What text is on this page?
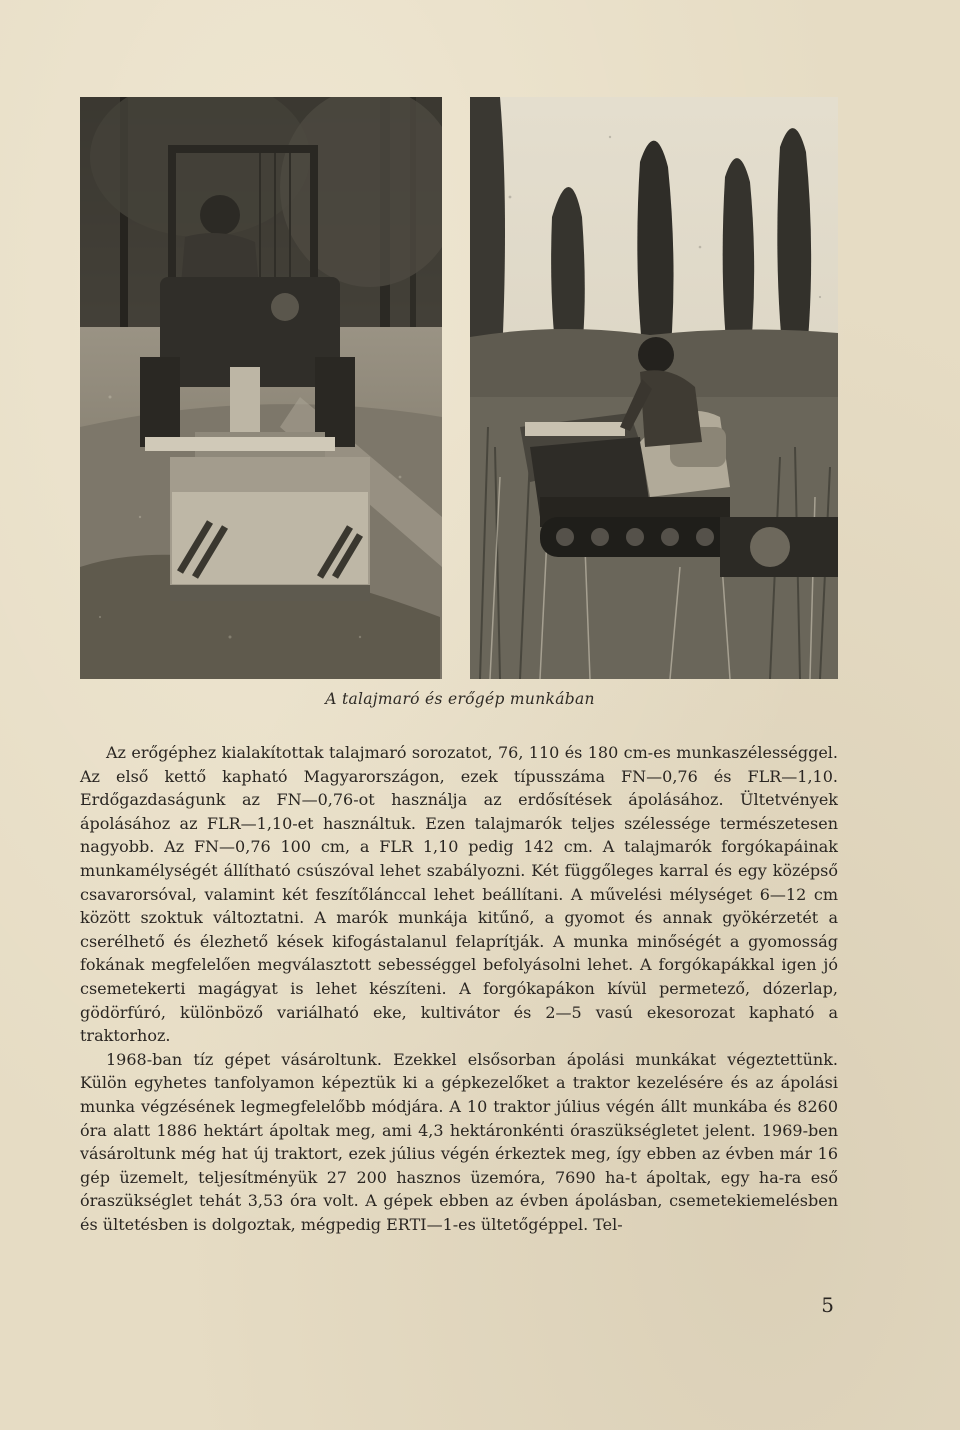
A talajmaró és erőgép munkában

Az erőgéphez kialakítottak talajmaró sorozatot, 76, 110 és 180 cm-es munkaszélességgel. Az első kettő kapható Magyarországon, ezek típusszáma FN—0,76 és FLR—1,10. Erdőgazdaságunk az FN—0,76-ot használja az erdősítések ápolásához. Ültetvények ápolásához az FLR—1,10-et használtuk. Ezen talajmarók teljes szélessége természetesen nagyobb. Az FN—0,76 100 cm, a FLR 1,10 pedig 142 cm. A talajmarók forgókapáinak munkamélységét állítható csúszóval lehet szabályozni. Két függőleges karral és egy középső csavarorsóval, valamint két feszítőlánccal lehet beállítani. A művelési mélységet 6—12 cm között szoktuk változtatni. A marók munkája kitűnő, a gyomot és annak gyökérzetét a cserélhető és élezhető kések kifogástalanul felaprítják. A munka minőségét a gyomosság fokának megfelelően megválasztott sebességgel befolyásolni lehet. A forgókapákkal igen jó csemetekerti magágyat is lehet készíteni. A forgókapákon kívül permetező, dózerlap, gödörfúró, különböző variálható eke, kultivátor és 2—5 vasú ekesorozat kapható a traktorhoz.

1968-ban tíz gépet vásároltunk. Ezekkel elsősorban ápolási munkákat végeztettünk. Külön egyhetes tanfolyamon képeztük ki a gépkezelőket a traktor kezelésére és az ápolási munka végzésének legmegfelelőbb módjára. A 10 traktor július végén állt munkába és 8260 óra alatt 1886 hektárt ápoltak meg, ami 4,3 hektáronkénti óraszükségletet jelent. 1969-ben vásároltunk még hat új traktort, ezek július végén érkeztek meg, így ebben az évben már 16 gép üzemelt, teljesítményük 27 200 hasznos üzemóra, 7690 ha-t ápoltak, egy ha-ra eső óraszükséglet tehát 3,53 óra volt. A gépek ebben az évben ápolásban, csemetekiemelésben és ültetésben is dolgoztak, mégpedig ERTI—1-es ültetőgéppel. Tel-

5
